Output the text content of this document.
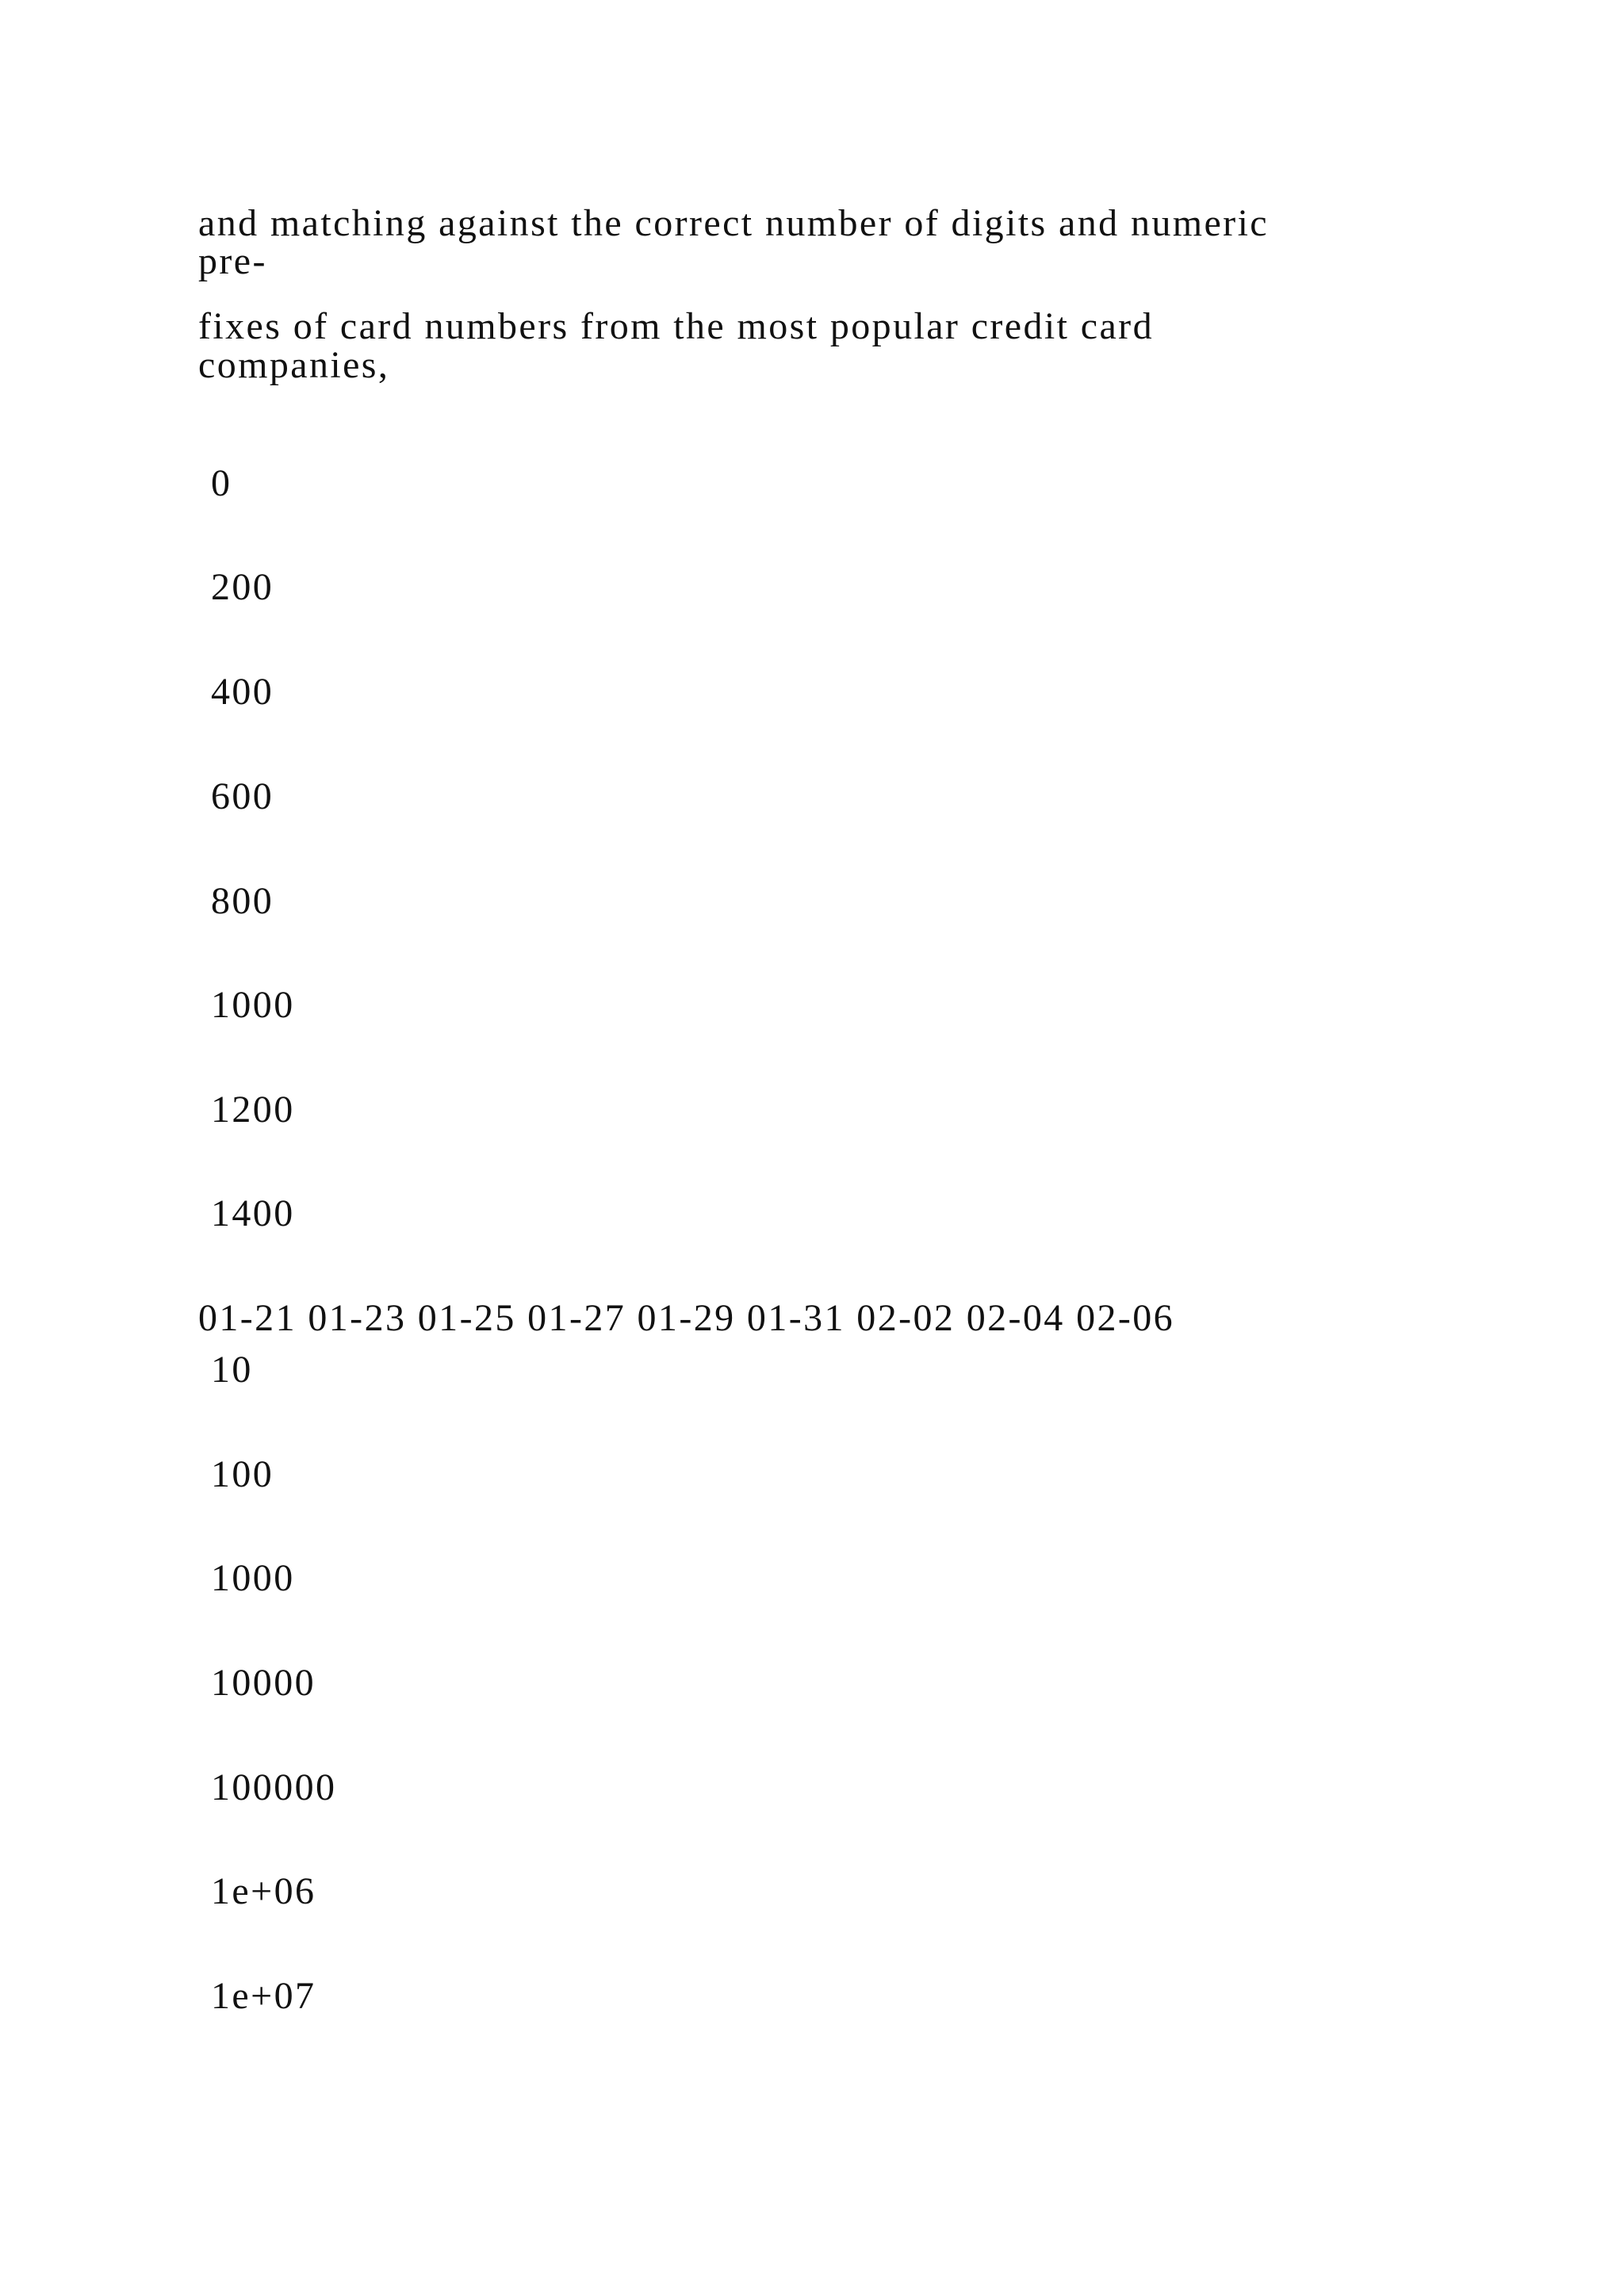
and matching against the correct number of digits and numeric
pre-
fixes of card numbers from the most popular credit card
companies,
0
200
400
600
800
1000
1200
1400
01-21 01-23 01-25 01-27 01-29 01-31 02-02 02-04 02-06
10
100
1000
10000
100000
1e+06
1e+07
